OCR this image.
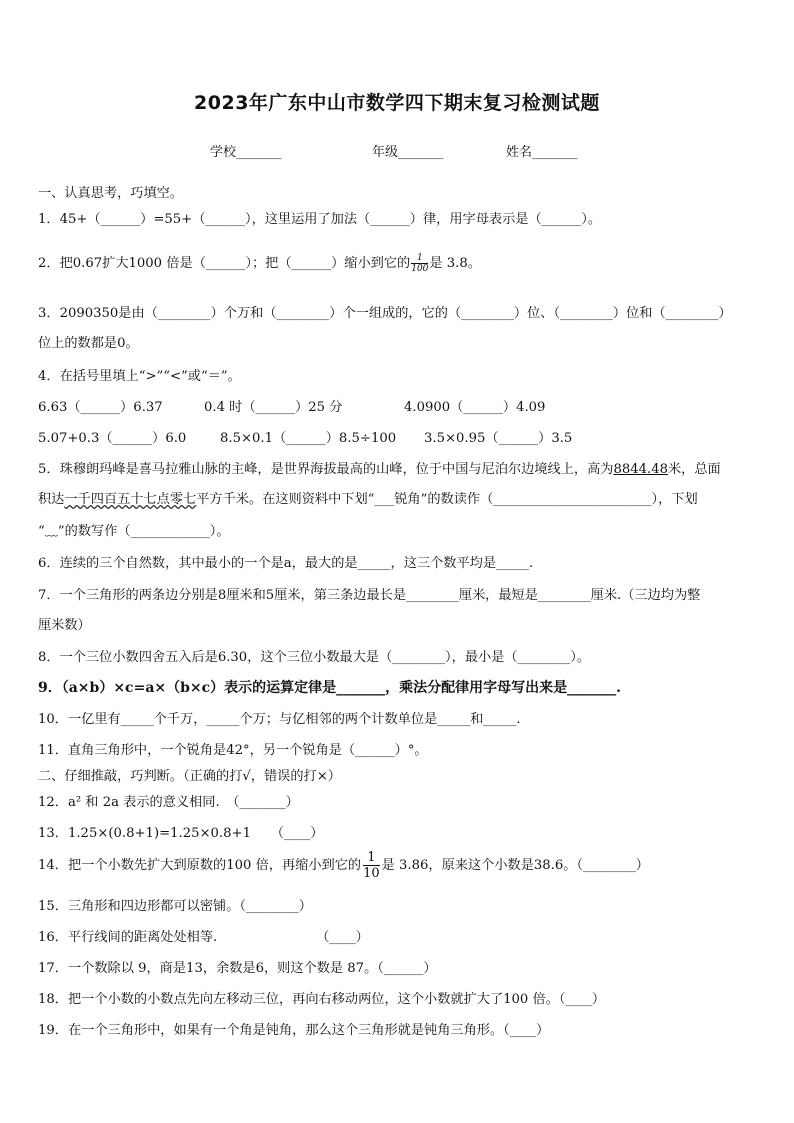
2023年广东中山市数学四下期末复习检测试题
学校_______	年级_______	姓名_______
一、认真思考，巧填空。
1．45+（______）=55+（______），这里运用了加法（______）律，用字母表示是（______）。
2．把0.67扩大1000 倍是（______）；把（______）缩小到它的 $\frac{1}{100}$ 是 3.8。
3．2090350是由（________）个万和（________）个一组成的，它的（________）位、（________）位和（________）
位上的数都是0。
4．在括号里填上“>”“<”或“＝”。
6.63（______）6.37	0.4 时（______）25 分	4.0900（______）4.09
5.07+0.3（______）6.0	8.5×0.1（______）8.5÷100 3.5×0.95（______）3.5
5．珠穆朗玛峰是喜马拉雅山脉的主峰，是世界海拔最高的山峰，位于中国与尼泊尔边境线上，高为8844.48米，总面
积达一千四百五十七点零七平方千米。在这则资料中下划“___锐角”的数读作（________________________），下划
“﹏”的数写作（____________）。
6．连续的三个自然数，其中最小的一个是a，最大的是_____，这三个数平均是_____.
7．一个三角形的两条边分别是8厘米和5厘米，第三条边最长是________厘米，最短是________厘米.（三边均为整
厘米数）
8．一个三位小数四舍五入后是6.30，这个三位小数最大是（________），最小是（________）。
9．（a×b）×c=a×（b×c）表示的运算定律是_______，乘法分配律用字母写出来是_______.
10．一亿里有_____个千万，_____个万；与亿相邻的两个计数单位是_____和_____.
11．直角三角形中，一个锐角是42°，另一个锐角是（______）°。
二、仔细推敲，巧判断。（正确的打√，错误的打×）
12．a² 和 2a 表示的意义相同.　（_______）
13．1.25×(0.8+1)=1.25×0.8+1　　（____）
14．把一个小数先扩大到原数的100 倍，再缩小到它的 $\frac{1}{10}$ 是 3.86，原来这个小数是38.6。（________）
15．三角形和四边形都可以密铺。（________）
16．平行线间的距离处处相等.　　　　　　　　（____）
17．一个数除以 9，商是13，余数是6，则这个数是 87。（______）
18．把一个小数的小数点先向左移动三位，再向右移动两位，这个小数就扩大了100 倍。（____）
19．在一个三角形中，如果有一个角是钝角，那么这个三角形就是钝角三角形。（____）
